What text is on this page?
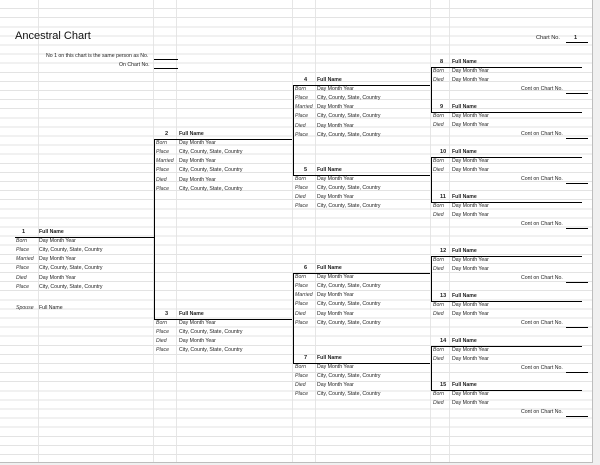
Ancestral Chart	Chart No.	1
No 1 on this chart is the same person as No.
On Chart No.
Spouse Full Name
1	Full Name
Born Day Month Year
Place City, County, State, Country
Married Day Month Year
Place City, County, State, Country
Died Day Month Year
Place City, County, State, Country
2 Full Name
Born Day Month Year
Place City, County, State, Country
Married Day Month Year
Place City, County, State, Country
Died Day Month Year
Place City, County, State, Country
3 Full Name
Born Day Month Year
Place City, County, State, Country
Died Day Month Year
Place City, County, State, Country
4 Full Name
Born Day Month Year
Place City, County, State, Country
Married Day Month Year
Place City, County, State, Country
Died Day Month Year
Place City, County, State, Country
5 Full Name
Born Day Month Year
Place City, County, State, Country
Died Day Month Year
Place City, County, State, Country
6 Full Name
Born Day Month Year
Place City, County, State, Country
Married Day Month Year
Place City, County, State, Country
Died Day Month Year
Place City, County, State, Country
7 Full Name
Born Day Month Year
Place City, County, State, Country
Died Day Month Year
Place City, County, State, Country
8 Full Name
Born Day Month Year
Died Day Month Year
Cont on Chart No.
9 Full Name
Born Day Month Year
Died Day Month Year
Cont on Chart No.
10 Full Name
Born Day Month Year
Died Day Month Year
Cont on Chart No.
11 Full Name
Born Day Month Year
Died Day Month Year
Cont on Chart No.
12 Full Name
Born Day Month Year
Died Day Month Year
Cont on Chart No.
13 Full Name
Born Day Month Year
Died Day Month Year
Cont on Chart No.
14 Full Name
Born Day Month Year
Died Day Month Year
Cont on Chart No.
15 Full Name
Born Day Month Year
Died Day Month Year
Cont on Chart No.
